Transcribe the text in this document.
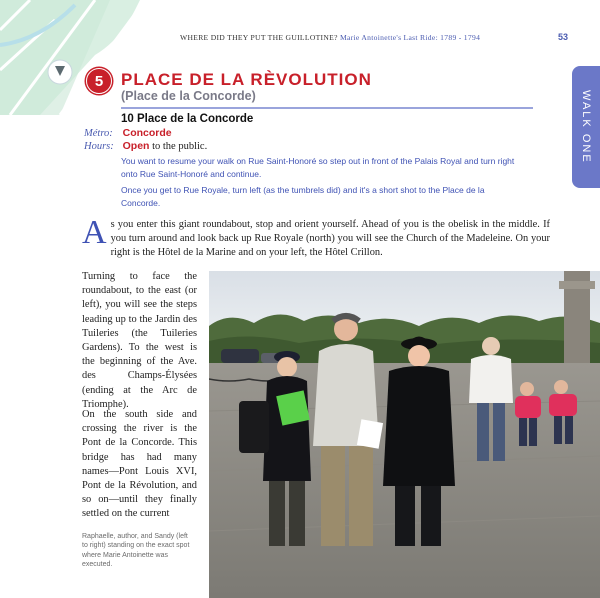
WHERE DID THEY PUT THE GUILLOTINE? Marie Antoinette's Last Ride: 1789 - 1794	53
WALK ONE
5	PLACE DE LA RÈVOLUTION
(Place de la Concorde)
10 Place de la Concorde
Métro: Concorde
Hours: Open to the public.
You want to resume your walk on Rue Saint-Honoré so step out in front of the Palais Royal and turn right onto Rue Saint-Honoré and continue.
Once you get to Rue Royale, turn left (as the tumbrels did) and it's a short shot to the Place de la Concorde.
As you enter this giant roundabout, stop and orient yourself. Ahead of you is the obelisk in the middle. If you turn around and look back up Rue Royale (north) you will see the Church of the Madeleine. On your right is the Hôtel de la Marine and on your left, the Hôtel Crillon.
Turning to face the roundabout, to the east (or left), you will see the steps leading up to the Jardin des Tuileries (the Tuileries Gardens). To the west is the beginning of the Ave. des Champs-Élysées (ending at the Arc de Triomphe).
On the south side and crossing the river is the Pont de la Concorde. This bridge has had many names—Pont Louis XVI, Pont de la Révolution, and so on—until they finally settled on the current
Raphaelle, author, and Sandy (left to right) standing on the exact spot where Marie Antoinette was executed.
